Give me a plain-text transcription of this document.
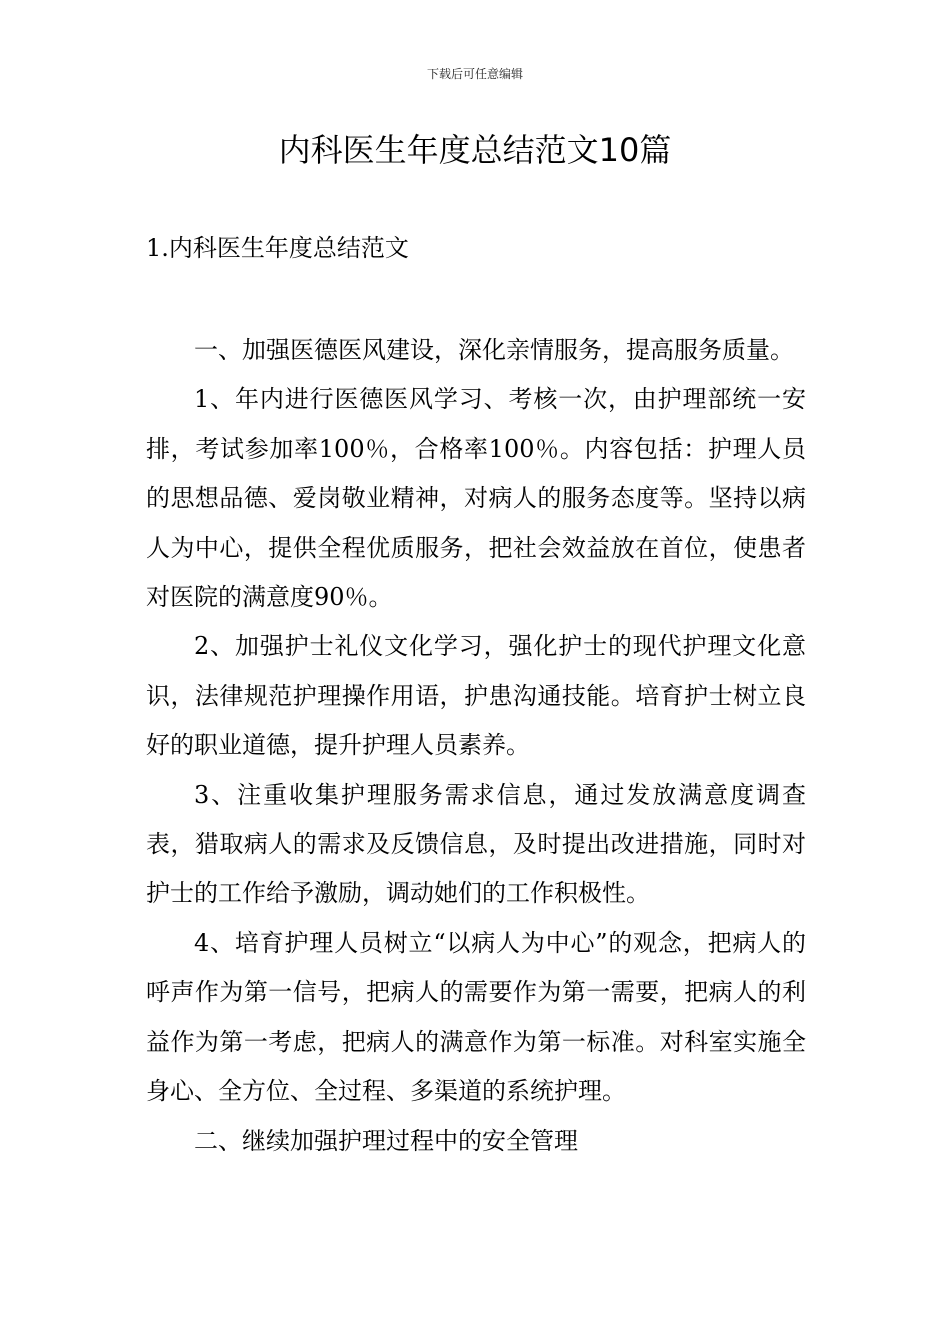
下载后可任意编辑
内科医生年度总结范文10篇
1.内科医生年度总结范文

一、加强医德医风建设，深化亲情服务，提高服务质量。

1、年内进行医德医风学习、考核一次，由护理部统一安排，考试参加率100％，合格率100％。内容包括：护理人员的思想品德、爱岗敬业精神，对病人的服务态度等。坚持以病人为中心，提供全程优质服务，把社会效益放在首位，使患者对医院的满意度90％。

2、加强护士礼仪文化学习，强化护士的现代护理文化意识，法律规范护理操作用语，护患沟通技能。培育护士树立良好的职业道德，提升护理人员素养。

3、注重收集护理服务需求信息，通过发放满意度调查表，猎取病人的需求及反馈信息，及时提出改进措施，同时对护士的工作给予激励，调动她们的工作积极性。

4、培育护理人员树立“以病人为中心”的观念，把病人的呼声作为第一信号，把病人的需要作为第一需要，把病人的利益作为第一考虑，把病人的满意作为第一标准。对科室实施全身心、全方位、全过程、多渠道的系统护理。

二、继续加强护理过程中的安全管理
